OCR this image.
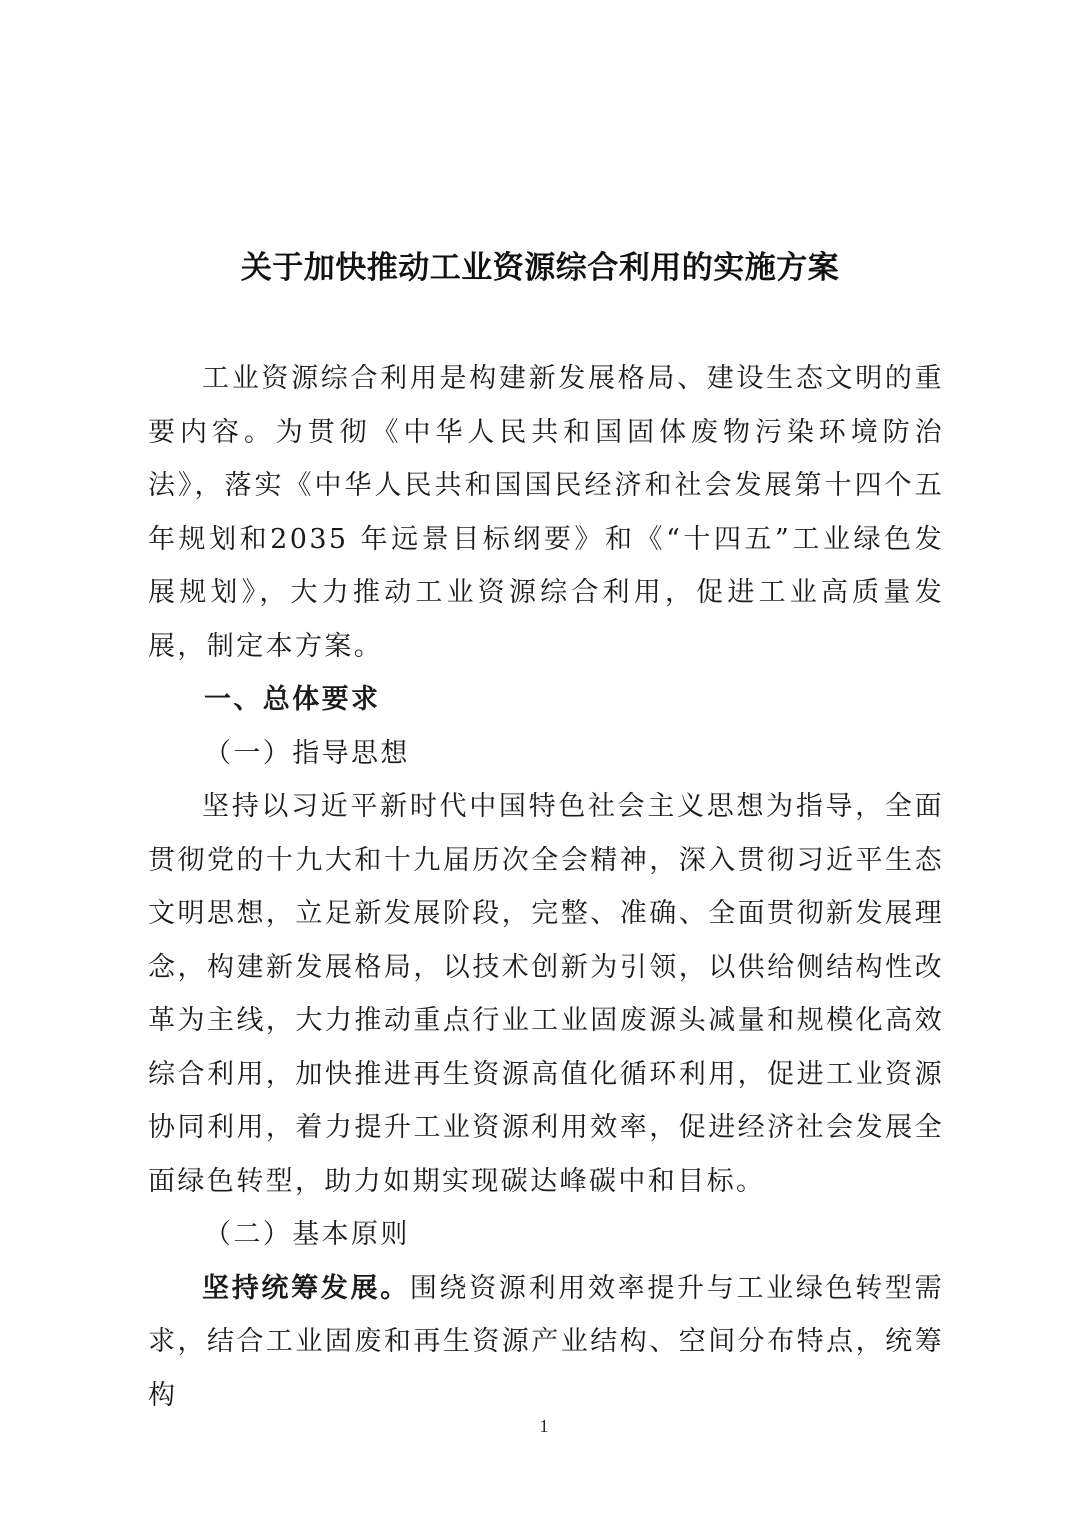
关于加快推动工业资源综合利用的实施方案

工业资源综合利用是构建新发展格局、建设生态文明的重要内容。为贯彻《中华人民共和国固体废物污染环境防治法》，落实《中华人民共和国国民经济和社会发展第十四个五年规划和2035 年远景目标纲要》和《“十四五”工业绿色发展规划》，大力推动工业资源综合利用，促进工业高质量发展，制定本方案。

一、总体要求

（一）指导思想

坚持以习近平新时代中国特色社会主义思想为指导，全面贯彻党的十九大和十九届历次全会精神，深入贯彻习近平生态文明思想，立足新发展阶段，完整、准确、全面贯彻新发展理念，构建新发展格局，以技术创新为引领，以供给侧结构性改革为主线，大力推动重点行业工业固废源头减量和规模化高效综合利用，加快推进再生资源高值化循环利用，促进工业资源协同利用，着力提升工业资源利用效率，促进经济社会发展全面绿色转型，助力如期实现碳达峰碳中和目标。

（二）基本原则

坚持统筹发展。围绕资源利用效率提升与工业绿色转型需求，结合工业固废和再生资源产业结构、空间分布特点，统筹构

1
